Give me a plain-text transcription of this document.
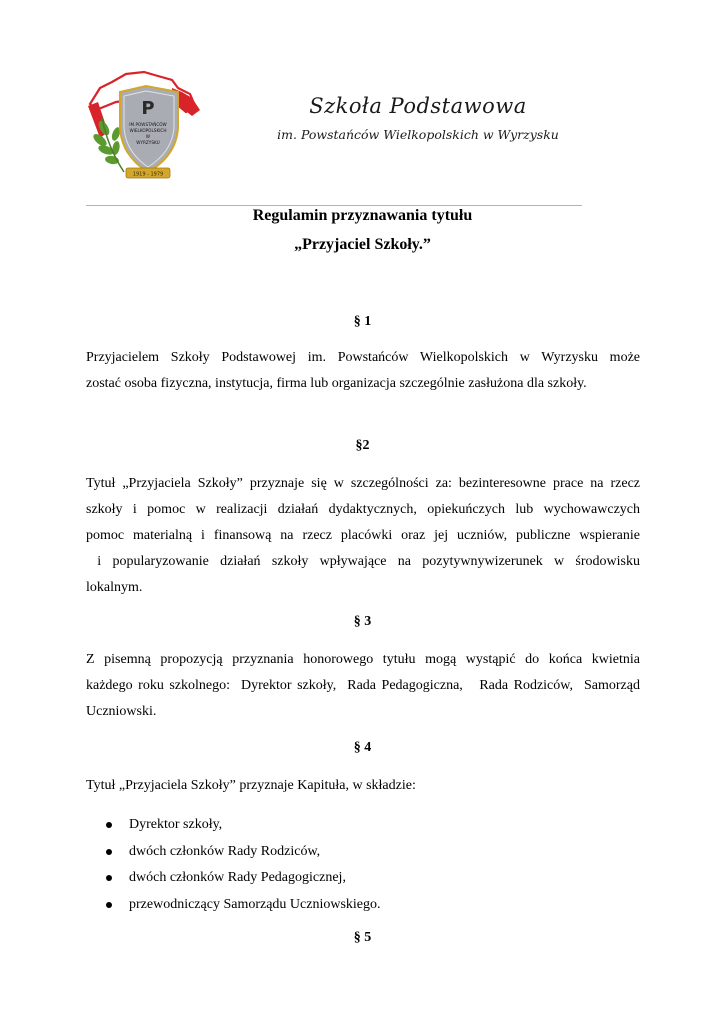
P
IM.POWSTAŃCÓW
WIELKOPOLSKICH
W
WYRZYSKU
1919 - 1979
Szkoła Podstawowa
im. Powstańców Wielkopolskich w Wyrzysku
Regulamin przyznawania tytułu
„Przyjaciel Szkoły.”
§ 1
Przyjacielem Szkoły Podstawowej im. Powstańców Wielkopolskich w Wyrzysku może
zostać osoba fizyczna, instytucja, firma lub organizacja szczególnie zasłużona dla szkoły.
§2
Tytuł „Przyjaciela Szkoły” przyznaje się w szczególności za: bezinteresowne prace na rzecz
szkoły i pomoc w realizacji działań dydaktycznych, opiekuńczych lub wychowawczych
pomoc materialną i finansową na rzecz placówki oraz jej uczniów, publiczne wspieranie
i popularyzowanie działań szkoły wpływające na pozytywnywizerunek w środowisku
lokalnym.
§ 3
Z pisemną propozycją przyznania honorowego tytułu mogą wystąpić do końca kwietnia
każdego roku szkolnego:  Dyrektor szkoły,  Rada Pedagogiczna,   Rada Rodziców,  Samorząd
Uczniowski.
§ 4
Tytuł „Przyjaciela Szkoły” przyznaje Kapituła, w składzie:
Dyrektor szkoły,
dwóch członków Rady Rodziców,
dwóch członków Rady Pedagogicznej,
przewodniczący Samorządu Uczniowskiego.
§ 5
